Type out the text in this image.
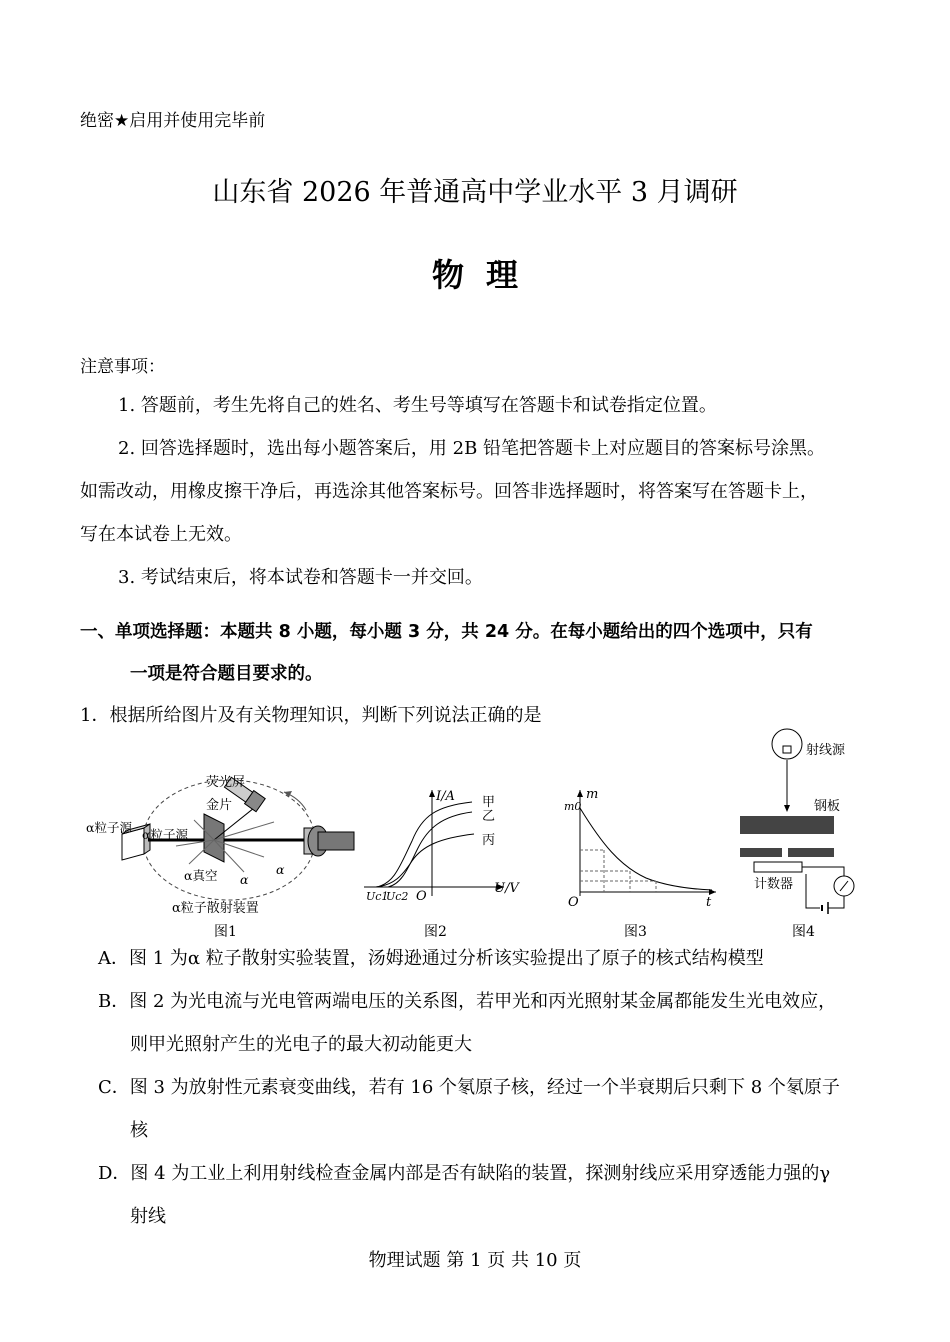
绝密★启用并使用完毕前
山东省 2026 年普通高中学业水平 3 月调研
物理
注意事项：
1. 答题前，考生先将自己的姓名、考生号等填写在答题卡和试卷指定位置。
2. 回答选择题时，选出每小题答案后，用 2B 铅笔把答题卡上对应题目的答案标号涂黑。
如需改动，用橡皮擦干净后，再选涂其他答案标号。回答非选择题时，将答案写在答题卡上，
写在本试卷上无效。
3. 考试结束后，将本试卷和答题卡一并交回。
一、单项选择题：本题共 8 小题，每小题 3 分，共 24 分。在每小题给出的四个选项中，只有
一项是符合题目要求的。
1．根据所给图片及有关物理知识，判断下列说法正确的是
荧光屏
金片
α粒子源 α粒子源
α真空 α
α
α粒子散射装置
图1
I/A
U/V
O
Uc1
Uc2
甲
乙
丙
图2
m
m0
t
O
图3
射线源
钢板
计数器
图4
A．图 1 为α 粒子散射实验装置，汤姆逊通过分析该实验提出了原子的核式结构模型
B．图 2 为光电流与光电管两端电压的关系图，若甲光和丙光照射某金属都能发生光电效应，
则甲光照射产生的光电子的最大初动能更大
C．图 3 为放射性元素衰变曲线，若有 16 个氡原子核，经过一个半衰期后只剩下 8 个氡原子
核
D．图 4 为工业上利用射线检查金属内部是否有缺陷的装置，探测射线应采用穿透能力强的γ
射线
物理试题 第 1 页 共 10 页
